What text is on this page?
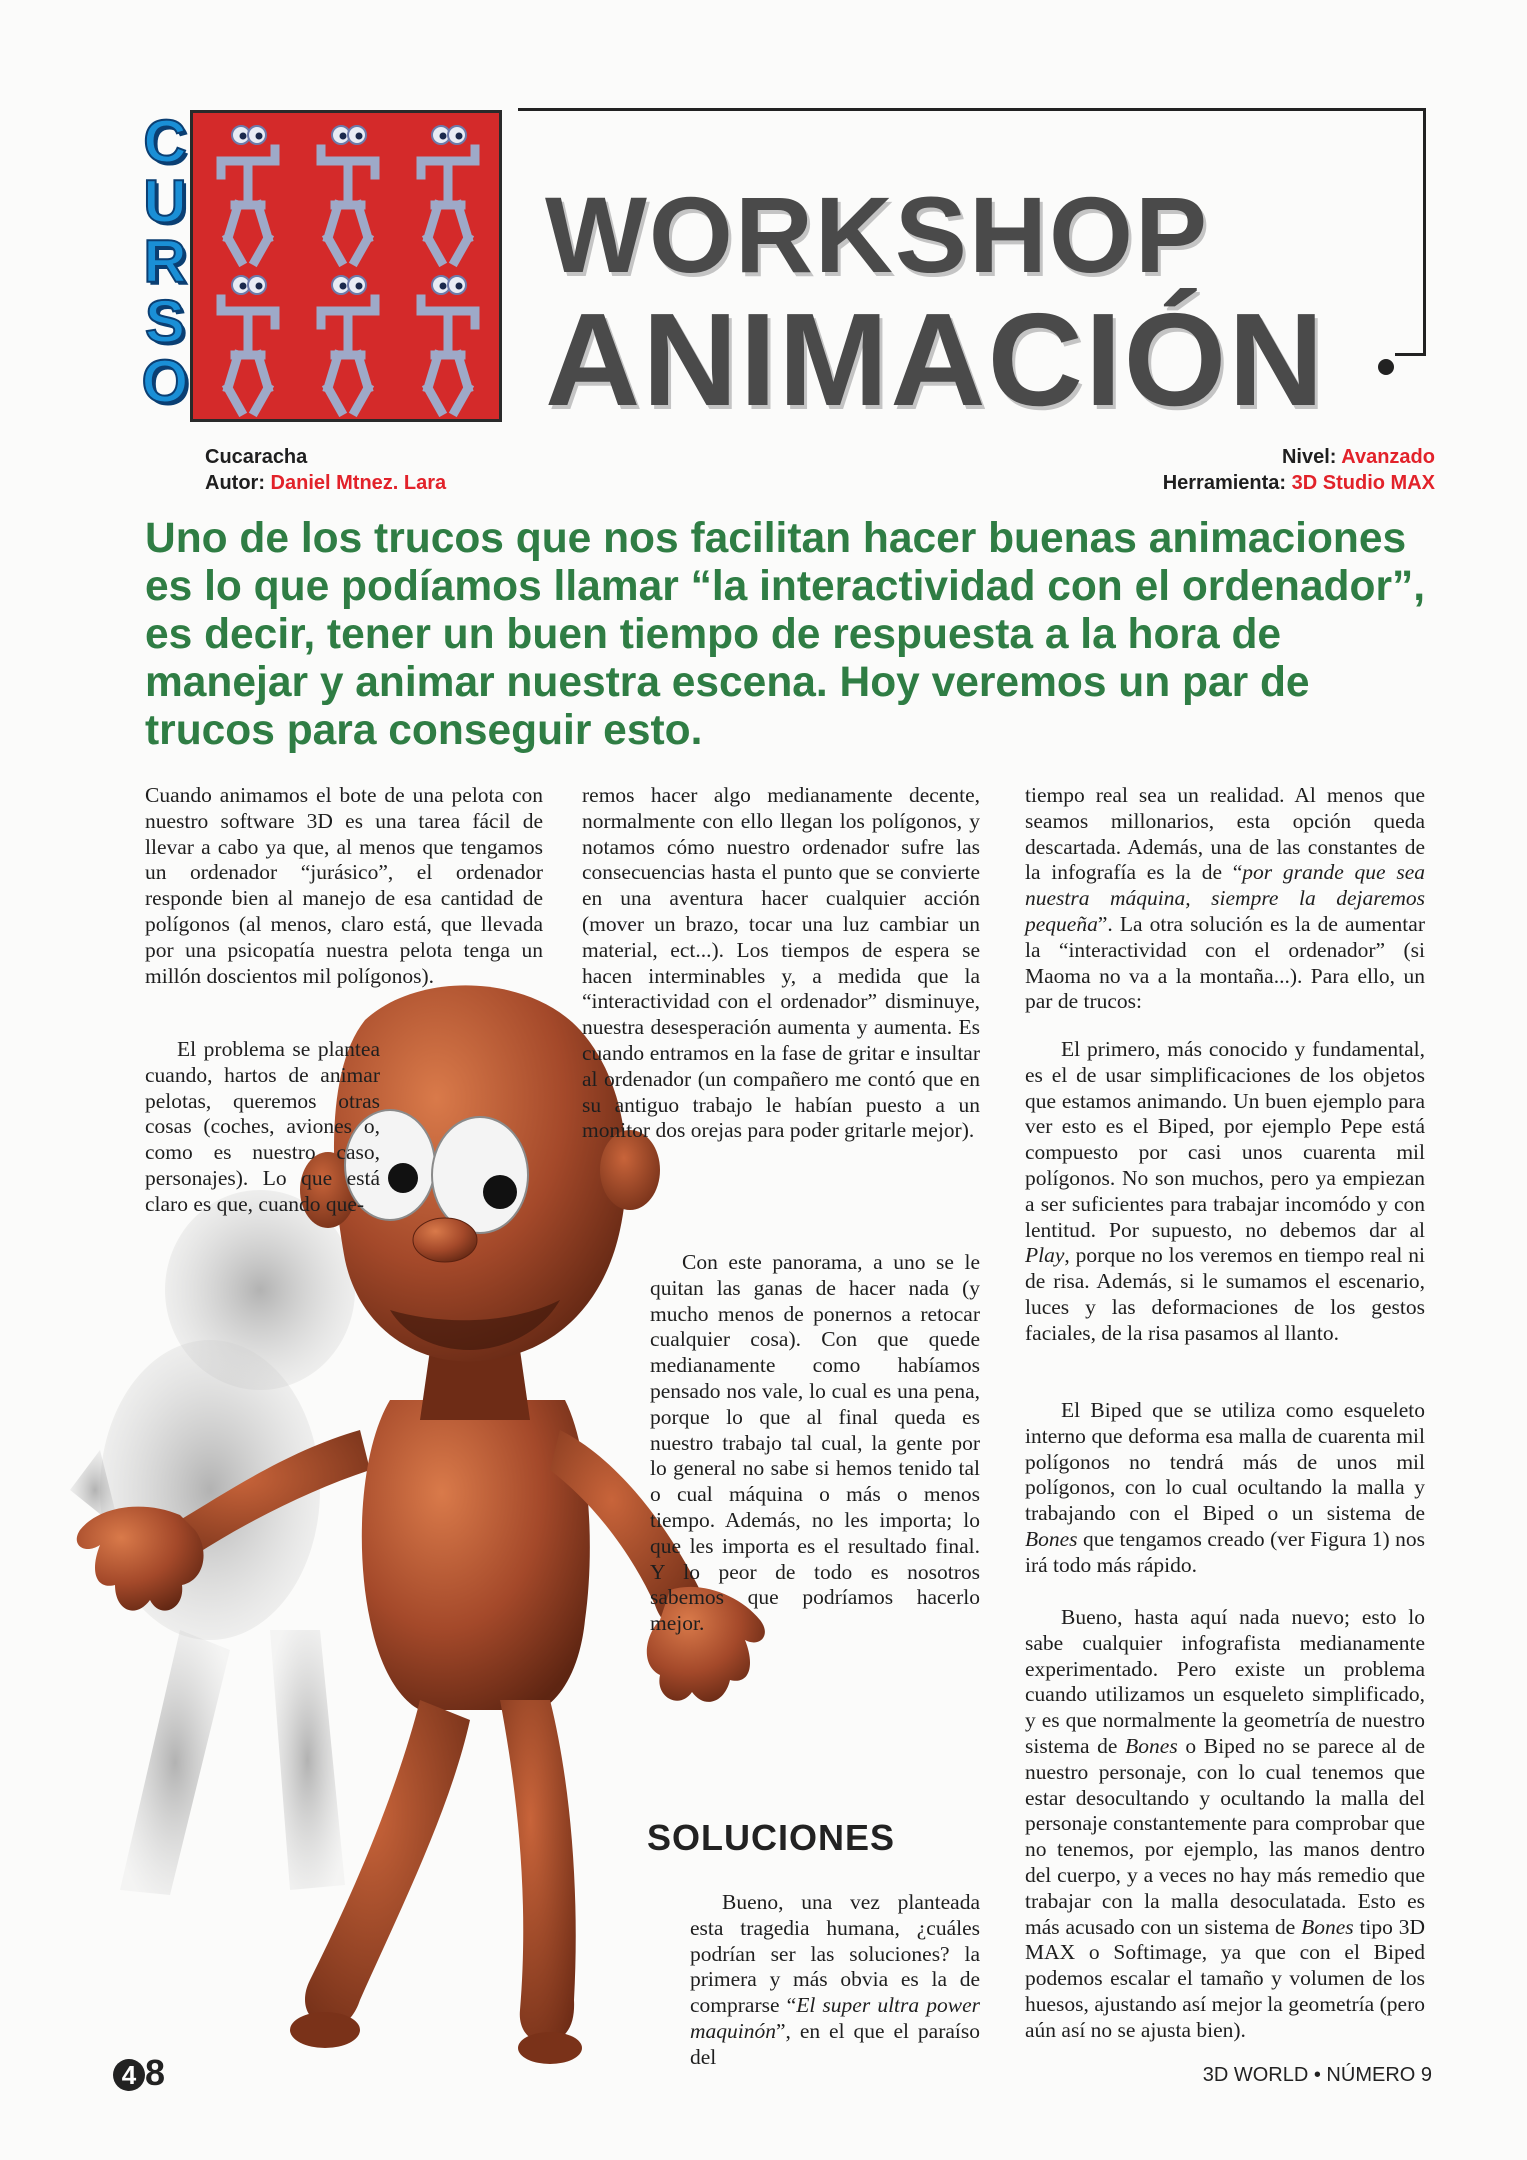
C
U
R
S
O
WORKSHOP
ANIMACIÓN
Cucaracha
Autor: Daniel Mtnez. Lara
Nivel: Avanzado
Herramienta: 3D Studio MAX
Uno de los trucos que nos facilitan hacer buenas animaciones es lo que podíamos llamar “la interactividad con el ordenador”, es decir, tener un buen tiempo de respuesta a la hora de manejar y animar nuestra escena. Hoy veremos un par de trucos para conseguir esto.

Cuando animamos el bote de una pelota con nuestro software 3D es una tarea fácil de llevar a cabo ya que, al menos que tengamos un ordenador “jurásico”, el ordenador responde bien al manejo de esa cantidad de polígonos (al menos, claro está, que llevada por una psicopatía nuestra pelota tenga un millón doscientos mil polígonos).

El problema se plantea cuando, hartos de animar pelotas, queremos otras cosas (coches, aviones o, como es nuestro caso, personajes). Lo que está claro es que, cuando que-

remos hacer algo medianamente decente, normalmente con ello llegan los polígonos, y notamos cómo nuestro ordenador sufre las consecuencias hasta el punto que se convierte en una aventura hacer cualquier acción (mover un brazo, tocar una luz cambiar un material, ect...). Los tiempos de espera se hacen interminables y, a medida que la “interactividad con el ordenador” disminuye, nuestra desesperación aumenta y aumenta. Es cuando entramos en la fase de gritar e insultar al ordenador (un compañero me contó que en su antiguo trabajo le habían puesto a un monitor dos orejas para poder gritarle mejor).

Con este panorama, a uno se le quitan las ganas de hacer nada (y mucho menos de ponernos a retocar cualquier cosa). Con que quede medianamente como habíamos pensado nos vale, lo cual es una pena, porque lo que al final queda es nuestro trabajo tal cual, la gente por lo general no sabe si hemos tenido tal o cual máquina o más o menos tiempo. Además, no les importa; lo que les importa es el resultado final. Y lo peor de todo es nosotros sabemos que podríamos hacerlo mejor.

SOLUCIONES

Bueno, una vez planteada esta tragedia humana, ¿cuáles podrían ser las soluciones? la primera y más obvia es la de comprarse “El super ultra power maquinón”, en el que el paraíso del

tiempo real sea un realidad. Al menos que seamos millonarios, esta opción queda descartada. Además, una de las constantes de la infografía es la de “por grande que sea nuestra máquina, siempre la dejaremos pequeña”. La otra solución es la de aumentar la “interactividad con el ordenador” (si Maoma no va a la montaña...). Para ello, un par de trucos:

El primero, más conocido y fundamental, es el de usar simplificaciones de los objetos que estamos animando. Un buen ejemplo para ver esto es el Biped, por ejemplo Pepe está compuesto por casi unos cuarenta mil polígonos. No son muchos, pero ya empiezan a ser suficientes para trabajar incomódo y con lentitud. Por supuesto, no debemos dar al Play, porque no los veremos en tiempo real ni de risa. Además, si le sumamos el escenario, luces y las deformaciones de los gestos faciales, de la risa pasamos al llanto.

El Biped que se utiliza como esqueleto interno que deforma esa malla de cuarenta mil polígonos no tendrá más de unos mil polígonos, con lo cual ocultando la malla y trabajando con el Biped o un sistema de Bones que tengamos creado (ver Figura 1) nos irá todo más rápido.

Bueno, hasta aquí nada nuevo; esto lo sabe cualquier infografista medianamente experimentado. Pero existe un problema cuando utilizamos un esqueleto simplificado, y es que normalmente la geometría de nuestro sistema de Bones o Biped no se parece al de nuestro personaje, con lo cual tenemos que estar desocultando y ocultando la malla del personaje constantemente para comprobar que no tenemos, por ejemplo, las manos dentro del cuerpo, y a veces no hay más remedio que trabajar con la malla desoculatada. Esto es más acusado con un sistema de Bones tipo 3D MAX o Softimage, ya que con el Biped podemos escalar el tamaño y volumen de los huesos, ajustando así mejor la geometría (pero aún así no se ajusta bien).

4 8	3D WORLD • NÚMERO 9
